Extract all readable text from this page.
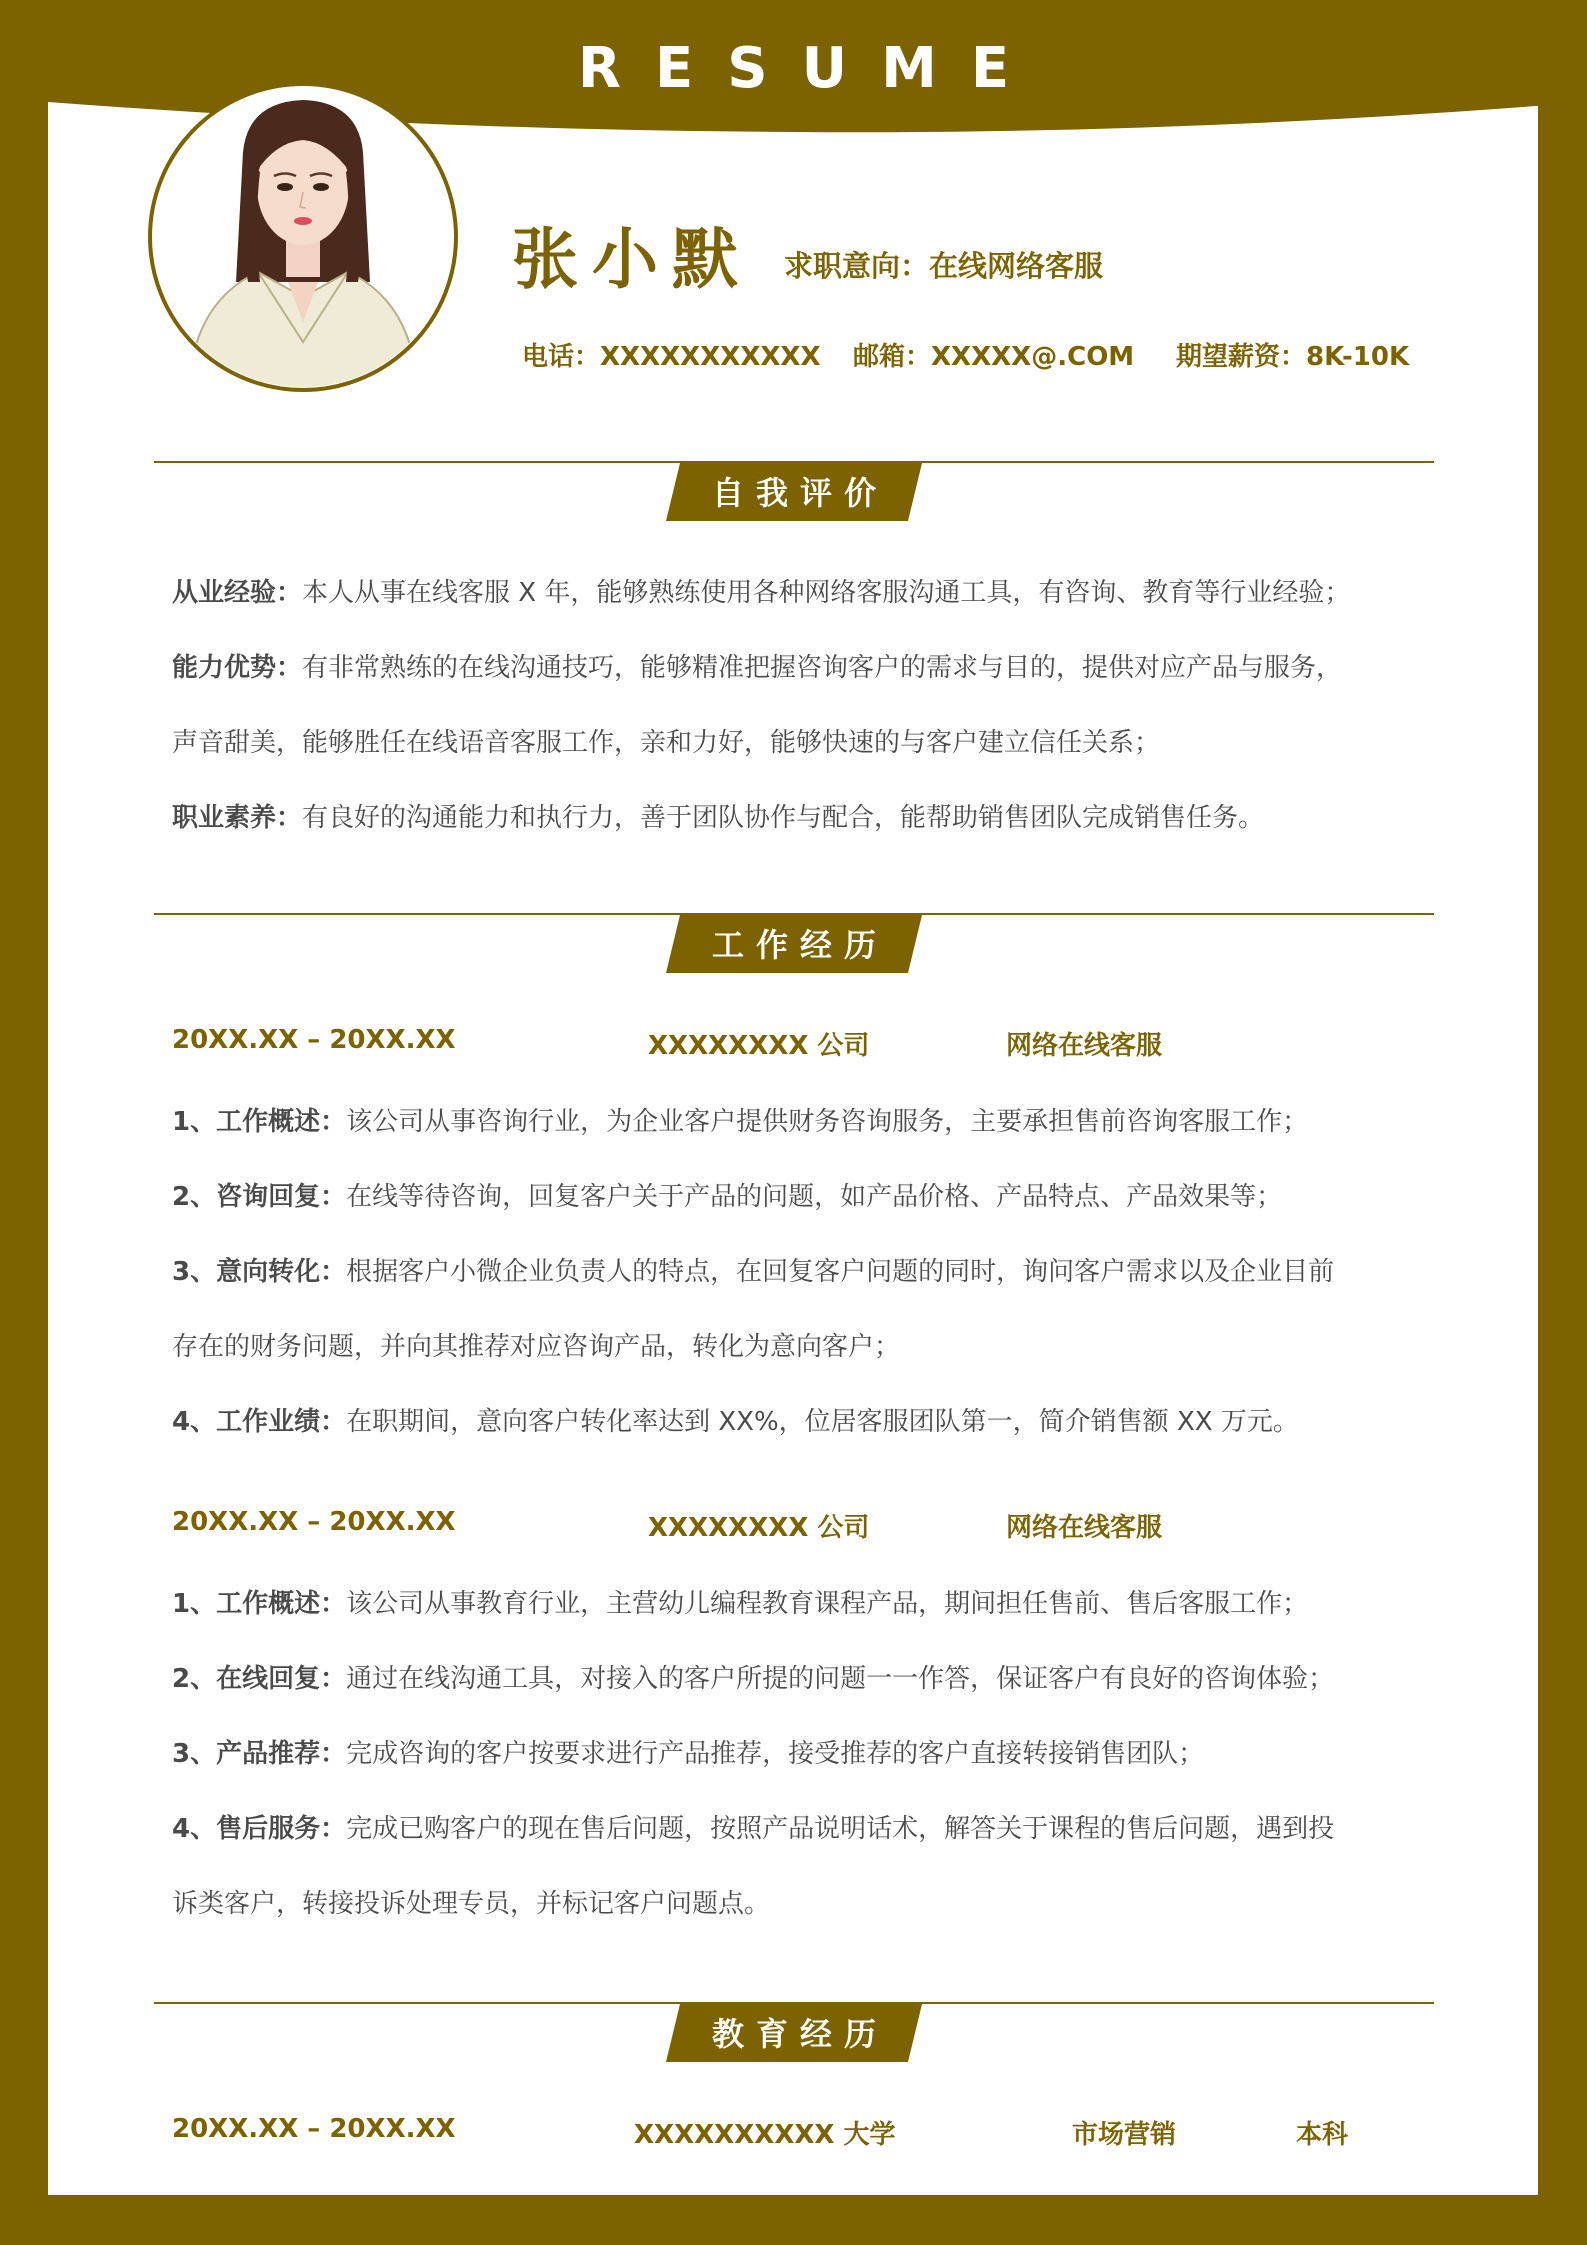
RESUME
张小默 求职意向：在线网络客服
电话：XXXXXXXXXXX 邮箱：XXXXX@.COM 期望薪资：8K-10K
自我评价
从业经验：本人从事在线客服 X 年，能够熟练使用各种网络客服沟通工具，有咨询、教育等行业经验；
能力优势：有非常熟练的在线沟通技巧，能够精准把握咨询客户的需求与目的，提供对应产品与服务，
声音甜美，能够胜任在线语音客服工作，亲和力好，能够快速的与客户建立信任关系；
职业素养：有良好的沟通能力和执行力，善于团队协作与配合，能帮助销售团队完成销售任务。
工作经历
20XX.XX – 20XX.XX	XXXXXXXX 公司	网络在线客服
1、工作概述：该公司从事咨询行业，为企业客户提供财务咨询服务，主要承担售前咨询客服工作；
2、咨询回复：在线等待咨询，回复客户关于产品的问题，如产品价格、产品特点、产品效果等；
3、意向转化：根据客户小微企业负责人的特点，在回复客户问题的同时，询问客户需求以及企业目前
存在的财务问题，并向其推荐对应咨询产品，转化为意向客户；
4、工作业绩：在职期间，意向客户转化率达到 XX%，位居客服团队第一，简介销售额 XX 万元。
20XX.XX – 20XX.XX	XXXXXXXX 公司	网络在线客服
1、工作概述：该公司从事教育行业，主营幼儿编程教育课程产品，期间担任售前、售后客服工作；
2、在线回复：通过在线沟通工具，对接入的客户所提的问题一一作答，保证客户有良好的咨询体验；
3、产品推荐：完成咨询的客户按要求进行产品推荐，接受推荐的客户直接转接销售团队；
4、售后服务：完成已购客户的现在售后问题，按照产品说明话术，解答关于课程的售后问题，遇到投
诉类客户，转接投诉处理专员，并标记客户问题点。
教育经历
20XX.XX – 20XX.XX	XXXXXXXXXX 大学	市场营销	本科
